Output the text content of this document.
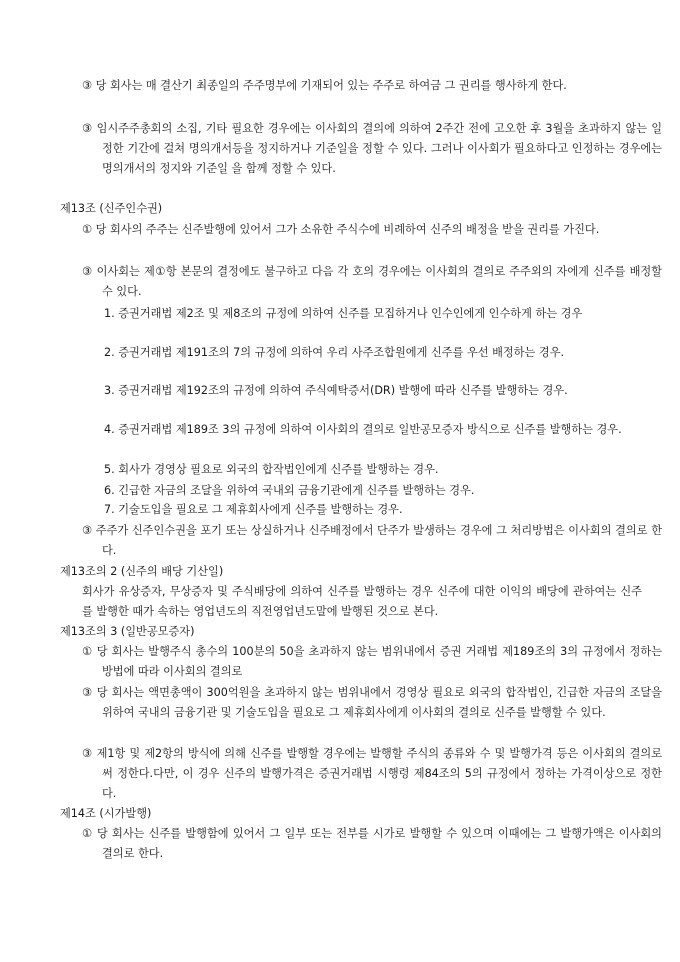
③ 당 회사는 매 결산기 최종일의 주주명부에 기재되어 있는 주주로 하여금 그 권리를 행사하게 한다.
③ 임시주주총회의 소집, 기타 필요한 경우에는 이사회의 결의에 의하여 2주간 전에 고오한 후 3월을 초과하지 않는 일정한 기간에 걸쳐 명의개서등을 정지하거나 기준일을 정할 수 있다. 그러나 이사회가 필요하다고 인정하는 경우에는 명의개서의 정지와 기준일 을 함께 정할 수 있다.
제13조 (신주인수권)
① 당 회사의 주주는 신주발행에 있어서 그가 소유한 주식수에 비례하여 신주의 배정을 받을 권리를 가진다.
③ 이사회는 제①항 본문의 결정에도 불구하고 다음 각 호의 경우에는 이사회의 결의로 주주외의 자에게 신주를 배정할 수 있다.
1. 증권거래법 제2조 및 제8조의 규정에 의하여 신주를 모집하거나 인수인에게 인수하게 하는 경우
2. 증권거래법 제191조의 7의 규정에 의하여 우리 사주조합원에게 신주를 우선 배정하는 경우.
3. 증권거래법 제192조의 규정에 의하여 주식예탁증서(DR) 발행에 따라 신주를 발행하는 경우.
4. 증권거래법 제189조 3의 규정에 의하여 이사회의 결의로 일반공모증자 방식으로 신주를 발행하는 경우.
5. 회사가 경영상 필요로 외국의 합작법인에게 신주를 발행하는 경우.
6. 긴급한 자금의 조달을 위하여 국내외 금융기관에게 신주를 발행하는 경우.
7. 기술도입을 필요로 그 제휴회사에게 신주를 발행하는 경우.
③ 주주가 신주인수권을 포기 또는 상실하거나 신주배정에서 단주가 발생하는 경우에 그 처리방법은 이사회의 결의로 한다.
제13조의 2 (신주의 배당 기산일)
회사가 유상증자, 무상증자 및 주식배당에 의하여 신주를 발행하는 경우 신주에 대한 이익의 배당에 관하여는 신주를 발행한 때가 속하는 영업년도의 직전영업년도말에 발행된 것으로 본다.
제13조의 3 (일반공모증자)
① 당 회사는 발행주식 총수의 100분의 50을 초과하지 않는 범위내에서 증권 거래법 제189조의 3의 규정에서 정하는 방법에 따라 이사회의 결의로
③ 당 회사는 액면총액이 300억원을 초과하지 않는 범위내에서 경영상 필요로 외국의 합작법인, 긴급한 자금의 조달을 위하여 국내의 금융기관 및 기술도입을 필요로 그 제휴회사에게 이사회의 결의로 신주를 발행할 수 있다.
③ 제1항 및 제2항의 방식에 의해 신주를 발행할 경우에는 발행할 주식의 종류와 수 및 발행가격 등은 이사회의 결의로써 정한다.다만, 이 경우 신주의 발행가격은 증권거래법 시행령 제84조의 5의 규정에서 정하는 가격이상으로 정한다.
제14조 (시가발행)
① 당 회사는 신주를 발행함에 있어서 그 일부 또는 전부를 시가로 발행할 수 있으며 이때에는 그 발행가액은 이사회의 결의로 한다.
